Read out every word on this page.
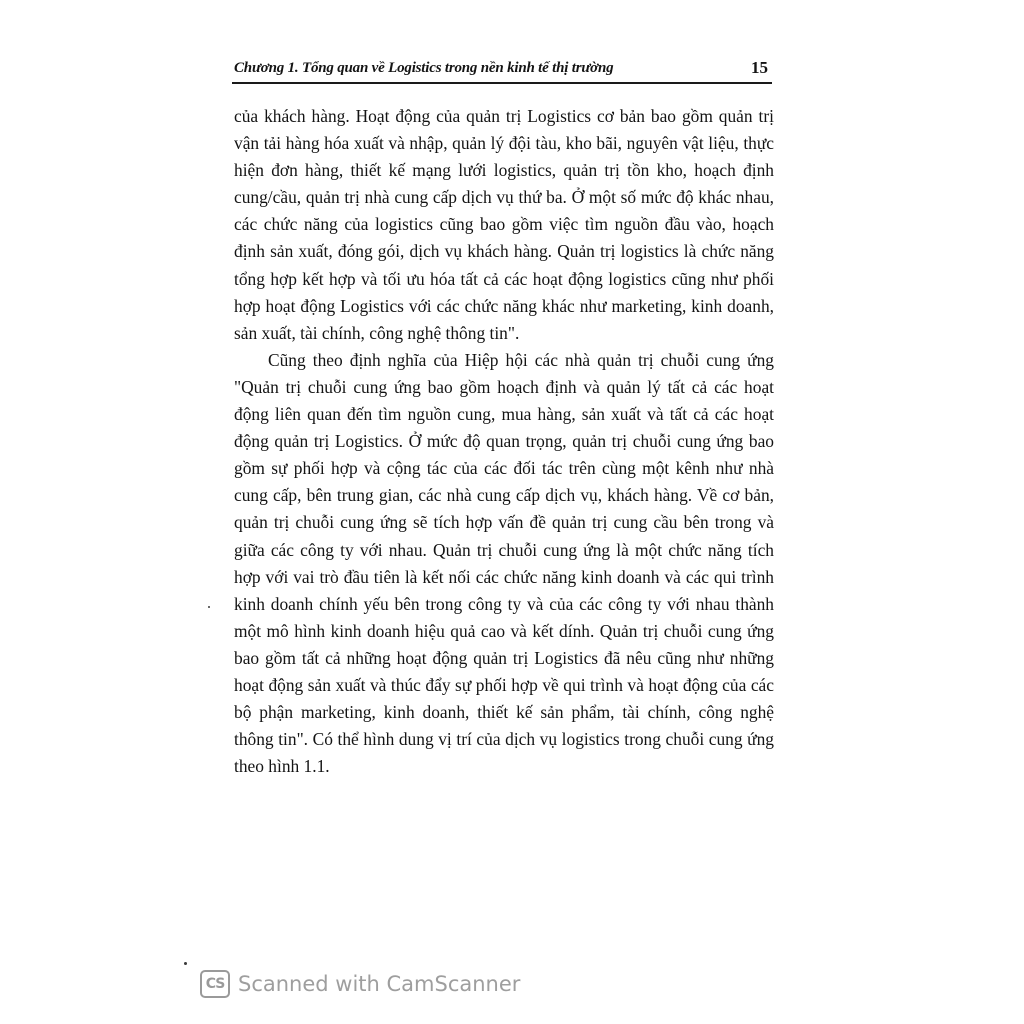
Chương 1. Tổng quan về Logistics trong nền kinh tế thị trường	15

của khách hàng. Hoạt động của quản trị Logistics cơ bản bao gồm quản trị vận tải hàng hóa xuất và nhập, quản lý đội tàu, kho bãi, nguyên vật liệu, thực hiện đơn hàng, thiết kế mạng lưới logistics, quản trị tồn kho, hoạch định cung/cầu, quản trị nhà cung cấp dịch vụ thứ ba. Ở một số mức độ khác nhau, các chức năng của logistics cũng bao gồm việc tìm nguồn đầu vào, hoạch định sản xuất, đóng gói, dịch vụ khách hàng. Quản trị logistics là chức năng tổng hợp kết hợp và tối ưu hóa tất cả các hoạt động logistics cũng như phối hợp hoạt động Logistics với các chức năng khác như marketing, kinh doanh, sản xuất, tài chính, công nghệ thông tin".

Cũng theo định nghĩa của Hiệp hội các nhà quản trị chuỗi cung ứng "Quản trị chuỗi cung ứng bao gồm hoạch định và quản lý tất cả các hoạt động liên quan đến tìm nguồn cung, mua hàng, sản xuất và tất cả các hoạt động quản trị Logistics. Ở mức độ quan trọng, quản trị chuỗi cung ứng bao gồm sự phối hợp và cộng tác của các đối tác trên cùng một kênh như nhà cung cấp, bên trung gian, các nhà cung cấp dịch vụ, khách hàng. Về cơ bản, quản trị chuỗi cung ứng sẽ tích hợp vấn đề quản trị cung cầu bên trong và giữa các công ty với nhau. Quản trị chuỗi cung ứng là một chức năng tích hợp với vai trò đầu tiên là kết nối các chức năng kinh doanh và các qui trình kinh doanh chính yếu bên trong công ty và của các công ty với nhau thành một mô hình kinh doanh hiệu quả cao và kết dính. Quản trị chuỗi cung ứng bao gồm tất cả những hoạt động quản trị Logistics đã nêu cũng như những hoạt động sản xuất và thúc đẩy sự phối hợp về qui trình và hoạt động của các bộ phận marketing, kinh doanh, thiết kế sản phẩm, tài chính, công nghệ thông tin". Có thể hình dung vị trí của dịch vụ logistics trong chuỗi cung ứng theo hình 1.1.

CS Scanned with CamScanner
